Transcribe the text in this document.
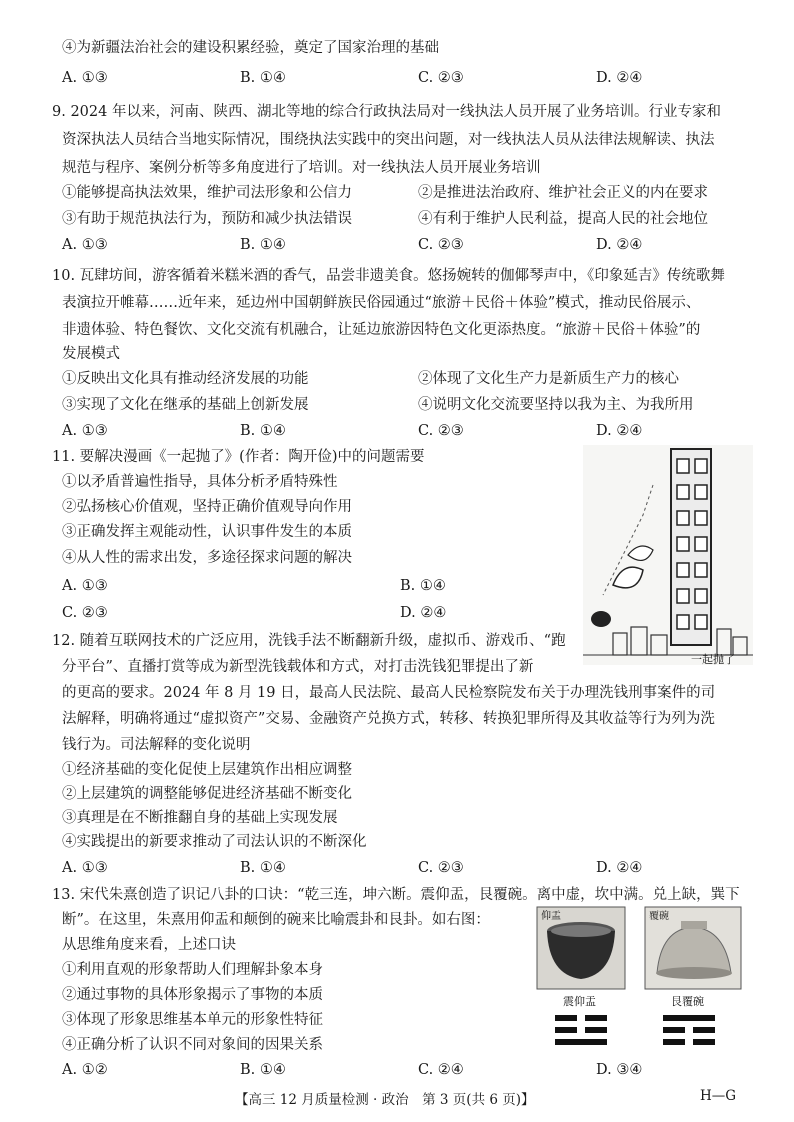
④为新疆法治社会的建设积累经验，奠定了国家治理的基础
A. ①③	B. ①④	C. ②③	D. ②④
9. 2024 年以来，河南、陕西、湖北等地的综合行政执法局对一线执法人员开展了业务培训。行业专家和
资深执法人员结合当地实际情况，围绕执法实践中的突出问题，对一线执法人员从法律法规解读、执法
规范与程序、案例分析等多角度进行了培训。对一线执法人员开展业务培训
①能够提高执法效果，维护司法形象和公信力	②是推进法治政府、维护社会正义的内在要求
③有助于规范执法行为，预防和减少执法错误	④有利于维护人民利益，提高人民的社会地位
A. ①③	B. ①④	C. ②③	D. ②④
10. 瓦肆坊间，游客循着米糕米酒的香气，品尝非遗美食。悠扬婉转的伽倻琴声中，《印象延吉》传统歌舞
表演拉开帷幕……近年来，延边州中国朝鲜族民俗园通过“旅游＋民俗＋体验”模式，推动民俗展示、
非遗体验、特色餐饮、文化交流有机融合，让延边旅游因特色文化更添热度。“旅游＋民俗＋体验”的
发展模式
①反映出文化具有推动经济发展的功能	②体现了文化生产力是新质生产力的核心
③实现了文化在继承的基础上创新发展	④说明文化交流要坚持以我为主、为我所用
A. ①③	B. ①④	C. ②③	D. ②④
11. 要解决漫画《一起抛了》(作者：陶开俭)中的问题需要
①以矛盾普遍性指导，具体分析矛盾特殊性
②弘扬核心价值观，坚持正确价值观导向作用
③正确发挥主观能动性，认识事件发生的本质
④从人性的需求出发，多途径探求问题的解决
A. ①③	B. ①④
C. ②③	D. ②④
一起抛了
12. 随着互联网技术的广泛应用，洗钱手法不断翻新升级，虚拟币、游戏币、“跑
分平台”、直播打赏等成为新型洗钱载体和方式，对打击洗钱犯罪提出了新
的更高的要求。2024 年 8 月 19 日，最高人民法院、最高人民检察院发布关于办理洗钱刑事案件的司
法解释，明确将通过“虚拟资产”交易、金融资产兑换方式，转移、转换犯罪所得及其收益等行为列为洗
钱行为。司法解释的变化说明
①经济基础的变化促使上层建筑作出相应调整
②上层建筑的调整能够促进经济基础不断变化
③真理是在不断推翻自身的基础上实现发展
④实践提出的新要求推动了司法认识的不断深化
A. ①③	B. ①④	C. ②③	D. ②④
13. 宋代朱熹创造了识记八卦的口诀：“乾三连，坤六断。震仰盂，艮覆碗。离中虚，坎中满。兑上缺，巽下
断”。在这里，朱熹用仰盂和颠倒的碗来比喻震卦和艮卦。如右图：
从思维角度来看，上述口诀
①利用直观的形象帮助人们理解卦象本身
②通过事物的具体形象揭示了事物的本质
③体现了形象思维基本单元的形象性特征
④正确分析了认识不同对象间的因果关系
A. ①②	B. ①④	C. ②④	D. ③④
仰盂	覆碗
震仰盂	艮覆碗
【高三 12 月质量检测 · 政治　第 3 页(共 6 页)】	H—G
